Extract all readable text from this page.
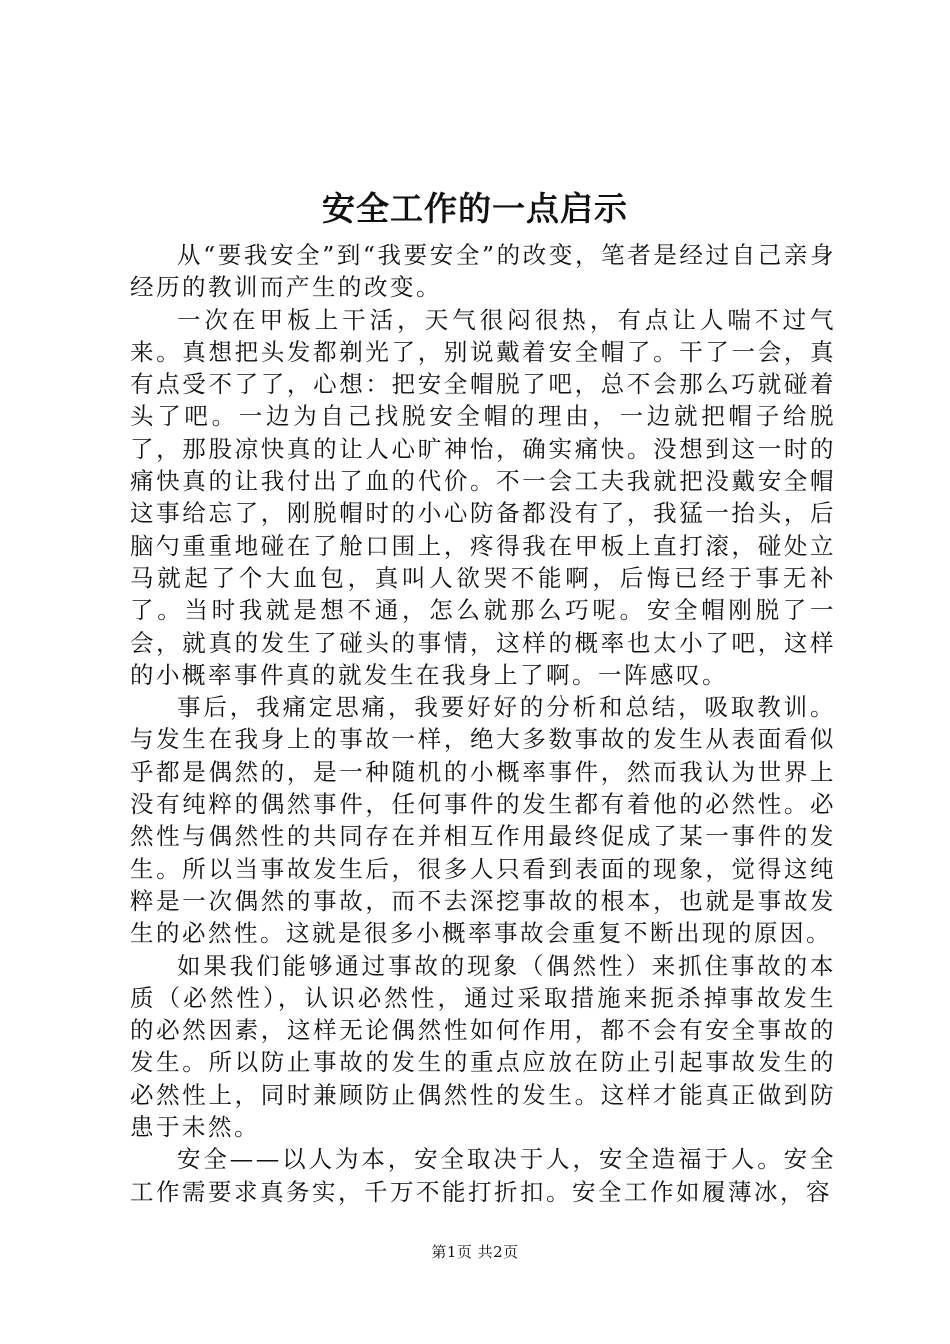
安全工作的一点启示

从“要我安全”到“我要安全”的改变，笔者是经过自己亲身经历的教训而产生的改变。

一次在甲板上干活，天气很闷很热，有点让人喘不过气来。真想把头发都剃光了，别说戴着安全帽了。干了一会，真有点受不了了，心想：把安全帽脱了吧，总不会那么巧就碰着头了吧。一边为自己找脱安全帽的理由，一边就把帽子给脱了，那股凉快真的让人心旷神怡，确实痛快。没想到这一时的痛快真的让我付出了血的代价。不一会工夫我就把没戴安全帽这事给忘了，刚脱帽时的小心防备都没有了，我猛一抬头，后脑勺重重地碰在了舱口围上，疼得我在甲板上直打滚，碰处立马就起了个大血包，真叫人欲哭不能啊，后悔已经于事无补了。当时我就是想不通，怎么就那么巧呢。安全帽刚脱了一会，就真的发生了碰头的事情，这样的概率也太小了吧，这样的小概率事件真的就发生在我身上了啊。一阵感叹。

事后，我痛定思痛，我要好好的分析和总结，吸取教训。与发生在我身上的事故一样，绝大多数事故的发生从表面看似乎都是偶然的，是一种随机的小概率事件，然而我认为世界上没有纯粹的偶然事件，任何事件的发生都有着他的必然性。必然性与偶然性的共同存在并相互作用最终促成了某一事件的发生。所以当事故发生后，很多人只看到表面的现象，觉得这纯粹是一次偶然的事故，而不去深挖事故的根本，也就是事故发生的必然性。这就是很多小概率事故会重复不断出现的原因。

如果我们能够通过事故的现象（偶然性）来抓住事故的本质（必然性），认识必然性，通过采取措施来扼杀掉事故发生的必然因素，这样无论偶然性如何作用，都不会有安全事故的发生。所以防止事故的发生的重点应放在防止引起事故发生的必然性上，同时兼顾防止偶然性的发生。这样才能真正做到防患于未然。

安全——以人为本，安全取决于人，安全造福于人。安全工作需要求真务实，千万不能打折扣。安全工作如履薄冰，容

第1页 共2页
